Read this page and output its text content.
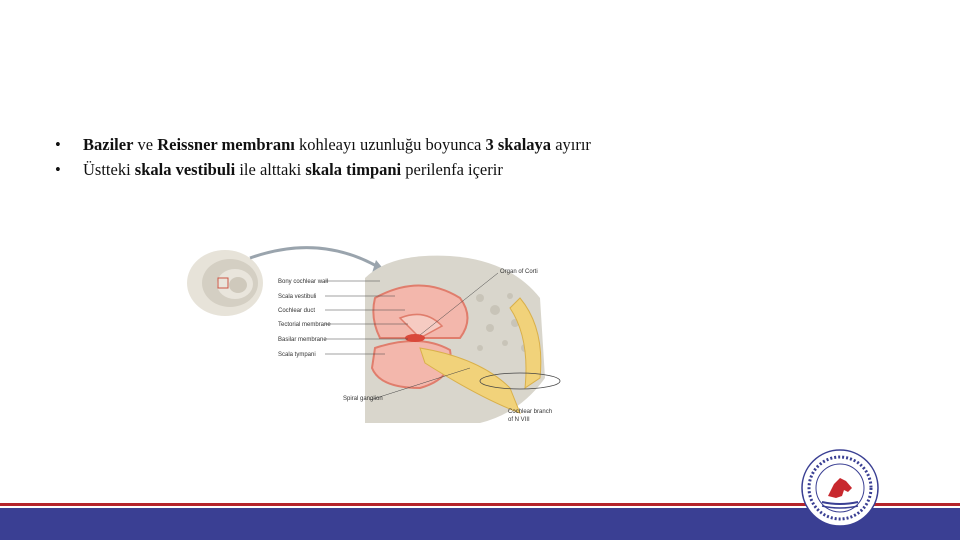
• Baziler ve Reissner membranı kohleayı uzunluğu boyunca 3 skalaya ayırır
• Üstteki skala vestibuli ile alttaki skala timpani perilenfa içerir
Bony cochlear wall
Scala vestibuli
Cochlear duct
Tectorial membrane
Basilar membrane
Scala tympani
Organ of Corti
Spiral ganglion
Cochlear branch
of N VIII
